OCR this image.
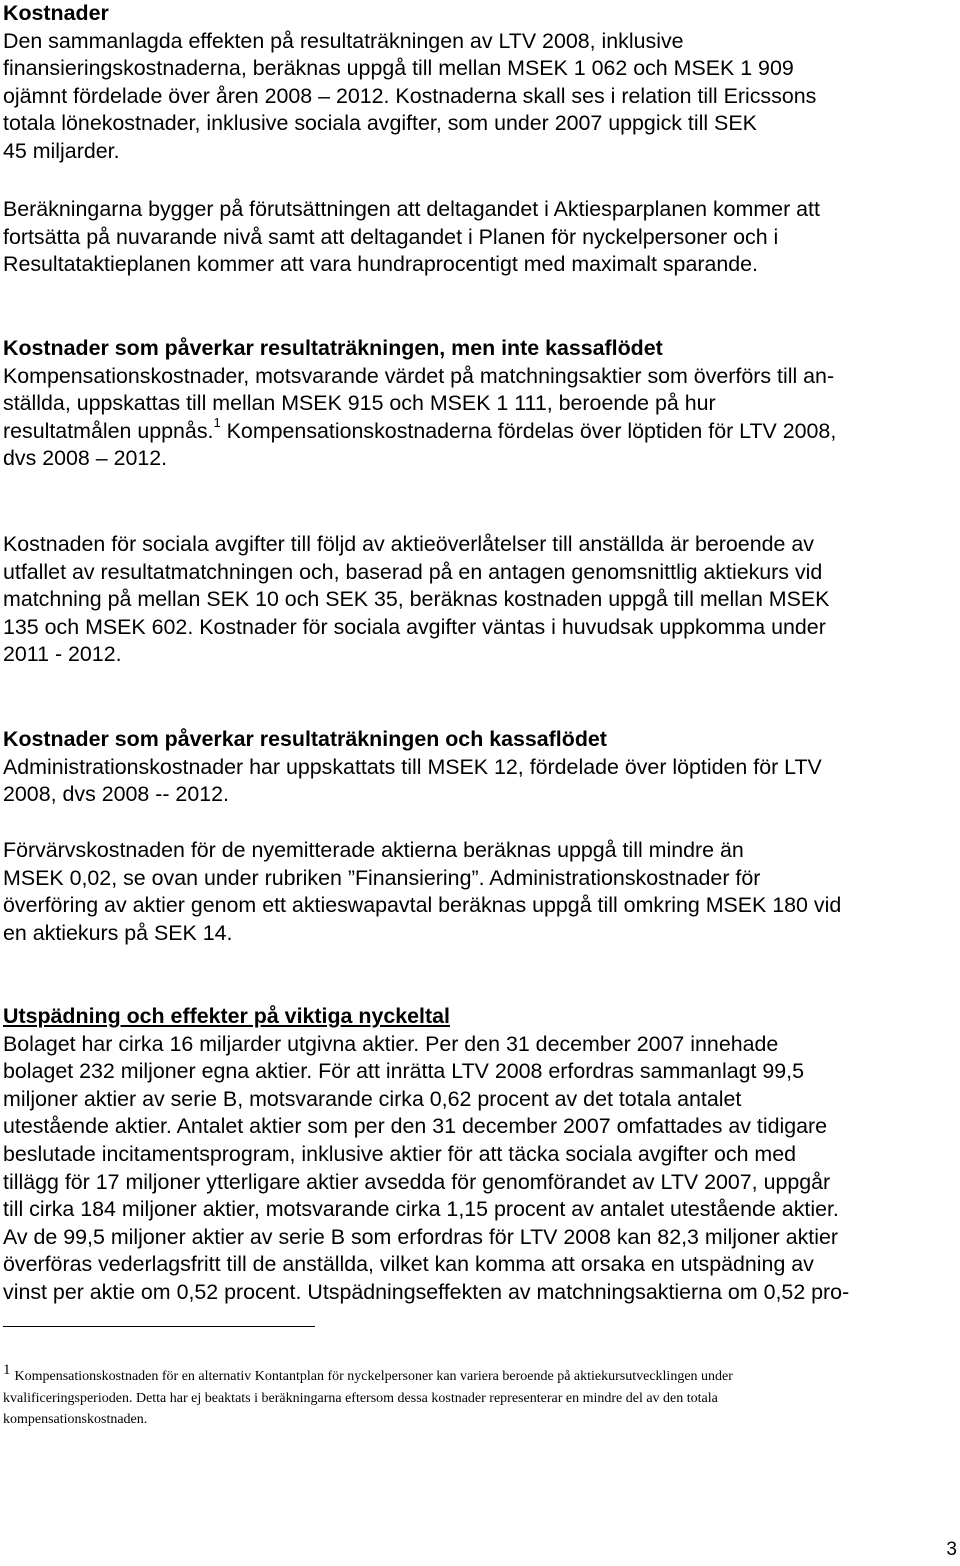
Kostnader
Den sammanlagda effekten på resultaträkningen av LTV 2008, inklusive
finansieringskostnaderna, beräknas uppgå till mellan MSEK 1 062 och MSEK 1 909
ojämnt fördelade över åren 2008 – 2012. Kostnaderna skall ses i relation till Ericssons
totala lönekostnader, inklusive sociala avgifter, som under 2007 uppgick till SEK
45 miljarder.
Beräkningarna bygger på förutsättningen att deltagandet i Aktiesparplanen kommer att
fortsätta på nuvarande nivå samt att deltagandet i Planen för nyckelpersoner och i
Resultataktieplanen kommer att vara hundraprocentigt med maximalt sparande.
Kostnader som påverkar resultaträkningen, men inte kassaflödet
Kompensationskostnader, motsvarande värdet på matchningsaktier som överförs till an-
ställda, uppskattas till mellan MSEK 915 och MSEK 1 111, beroende på hur
resultatmålen uppnås.$^1$ Kompensationskostnaderna fördelas över löptiden för LTV 2008,
dvs 2008 – 2012.
Kostnaden för sociala avgifter till följd av aktieöverlåtelser till anställda är beroende av
utfallet av resultatmatchningen och, baserad på en antagen genomsnittlig aktiekurs vid
matchning på mellan SEK 10 och SEK 35, beräknas kostnaden uppgå till mellan MSEK
135 och MSEK 602. Kostnader för sociala avgifter väntas i huvudsak uppkomma under
2011 - 2012.
Kostnader som påverkar resultaträkningen och kassaflödet
Administrationskostnader har uppskattats till MSEK 12, fördelade över löptiden för LTV
2008, dvs 2008 -- 2012.
Förvärvskostnaden för de nyemitterade aktierna beräknas uppgå till mindre än
MSEK 0,02, se ovan under rubriken ”Finansiering”. Administrationskostnader för
överföring av aktier genom ett aktieswapavtal beräknas uppgå till omkring MSEK 180 vid
en aktiekurs på SEK 14.
Utspädning och effekter på viktiga nyckeltal
Bolaget har cirka 16 miljarder utgivna aktier. Per den 31 december 2007 innehade
bolaget 232 miljoner egna aktier. För att inrätta LTV 2008 erfordras sammanlagt 99,5
miljoner aktier av serie B, motsvarande cirka 0,62 procent av det totala antalet
utestående aktier. Antalet aktier som per den 31 december 2007 omfattades av tidigare
beslutade incitamentsprogram, inklusive aktier för att täcka sociala avgifter och med
tillägg för 17 miljoner ytterligare aktier avsedda för genomförandet av LTV 2007, uppgår
till cirka 184 miljoner aktier, motsvarande cirka 1,15 procent av antalet utestående aktier.
Av de 99,5 miljoner aktier av serie B som erfordras för LTV 2008 kan 82,3 miljoner aktier
överföras vederlagsfritt till de anställda, vilket kan komma att orsaka en utspädning av
vinst per aktie om 0,52 procent. Utspädningseffekten av matchningsaktierna om 0,52 pro-
1 Kompensationskostnaden för en alternativ Kontantplan för nyckelpersoner kan variera beroende på aktiekursutvecklingen under
kvalificeringsperioden. Detta har ej beaktats i beräkningarna eftersom dessa kostnader representerar en mindre del av den totala
kompensationskostnaden.
3
